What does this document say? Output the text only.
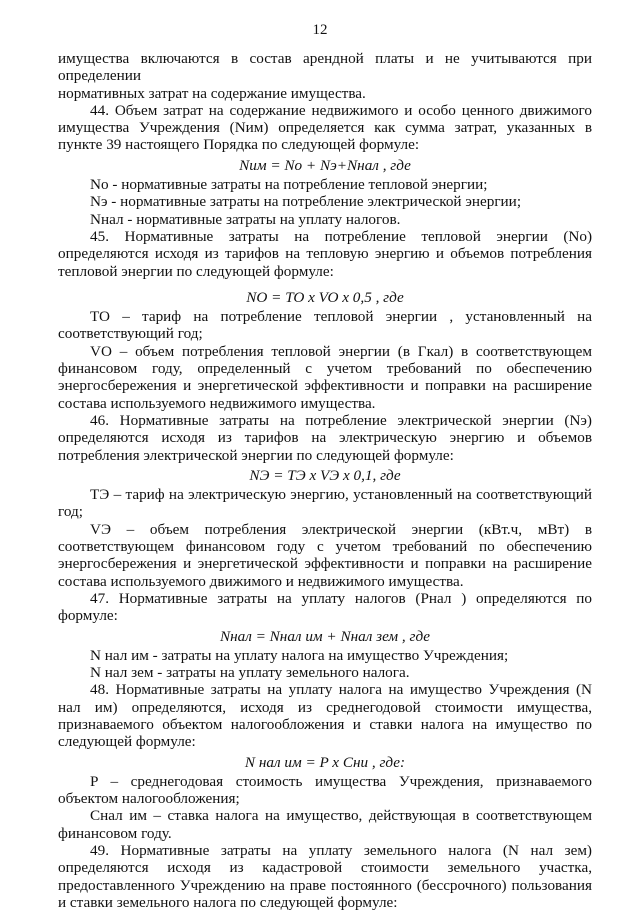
12

имущества включаются в состав арендной платы и не учитываются при определении

нормативных затрат на содержание имущества.

44. Объем затрат на содержание недвижимого и особо ценного движимого имущества Учреждения (Nим) определяется как сумма затрат, указанных в пункте 39 настоящего Порядка по следующей формуле:

Nим = Nо + Nэ+Nнал , где

Nо - нормативные затраты на потребление тепловой энергии;

Nэ - нормативные затраты на потребление электрической энергии;

Nнал - нормативные затраты на уплату налогов.

45. Нормативные затраты на потребление тепловой энергии (Nо) определяются исходя из тарифов на тепловую энергию и объемов потребления тепловой энергии по следующей формуле:

NO = TO x VO x 0,5 , где

TO – тариф на потребление тепловой энергии , установленный на соответствующий год;

VO – объем потребления тепловой энергии (в Гкал) в соответствующем финансовом году, определенный с учетом требований по обеспечению энергосбережения и энергетической эффективности и поправки на расширение состава используемого недвижимого имущества.

46. Нормативные затраты на потребление электрической энергии (Nэ) определяются исходя из тарифов на электрическую энергию и объемов потребления электрической энергии по следующей формуле:

NЭ = TЭ x VЭ x 0,1, где

TЭ – тариф на электрическую энергию, установленный на соответствующий год;

VЭ – объем потребления электрической энергии (кВт.ч, мВт) в соответствующем финансовом году с учетом требований по обеспечению энергосбережения и энергетической эффективности и поправки на расширение состава используемого движимого и недвижимого имущества.

47. Нормативные затраты на уплату налогов (Pнал ) определяются по формуле:

Nнал = Nнал им + Nнал зем , где

N нал им - затраты на уплату налога на имущество Учреждения;

N нал зем - затраты на уплату земельного налога.

48. Нормативные затраты на уплату налога на имущество Учреждения (N нал им) определяются, исходя из среднегодовой стоимости имущества, признаваемого объектом налогообложения и ставки налога на имущество по следующей формуле:

N нал им = P x Cни , где:

P – среднегодовая стоимость имущества Учреждения, признаваемого объектом налогообложения;

Cнал им – ставка налога на имущество, действующая в соответствующем финансовом году.

49. Нормативные затраты на уплату земельного налога (N нал зем) определяются исходя из кадастровой стоимости земельного участка, предоставленного Учреждению на праве постоянного (бессрочного) пользования и ставки земельного налога по следующей формуле:
